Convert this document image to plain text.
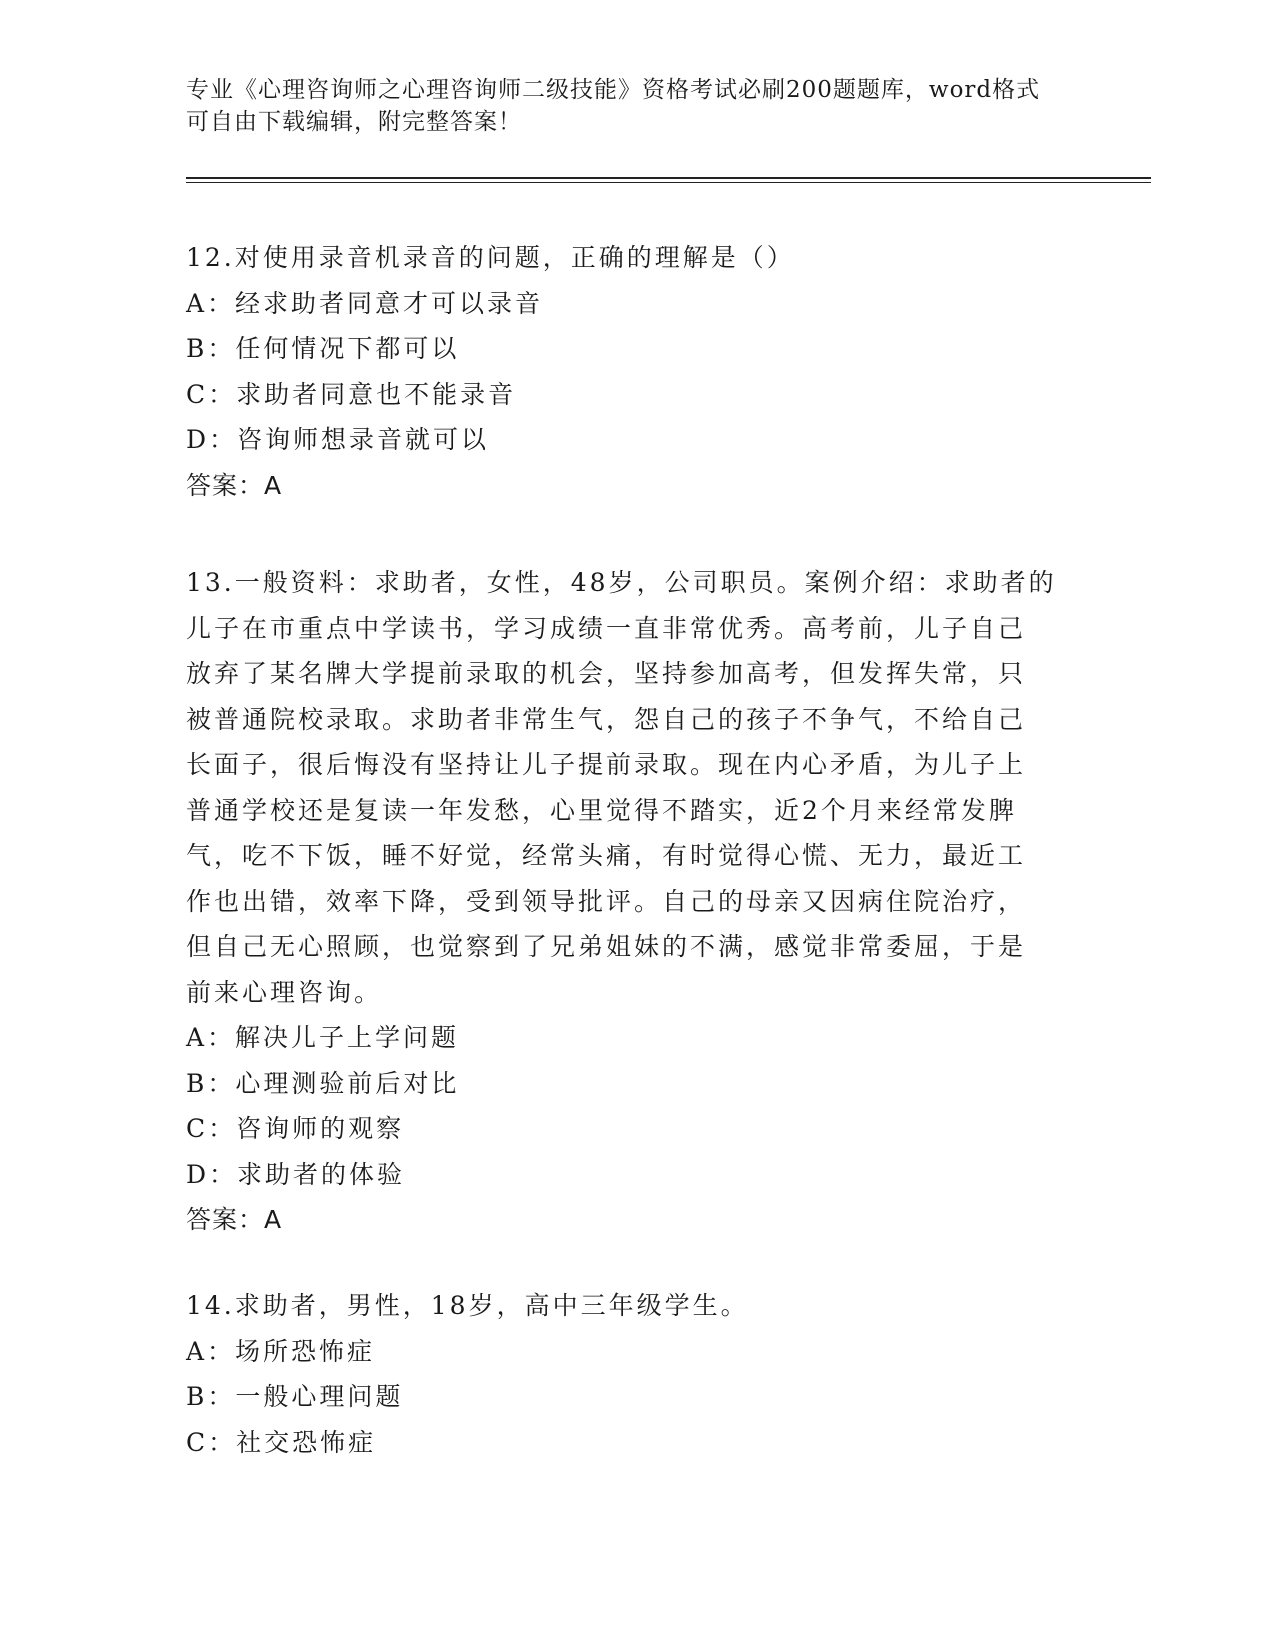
专业《心理咨询师之心理咨询师二级技能》资格考试必刷200题题库，word格式
可自由下载编辑，附完整答案！
12.对使用录音机录音的问题，正确的理解是（）
A：经求助者同意才可以录音
B：任何情况下都可以
C：求助者同意也不能录音
D：咨询师想录音就可以
答案：A
13.一般资料：求助者，女性，48岁，公司职员。案例介绍：求助者的
儿子在市重点中学读书，学习成绩一直非常优秀。高考前，儿子自己
放弃了某名牌大学提前录取的机会，坚持参加高考，但发挥失常，只
被普通院校录取。求助者非常生气，怨自己的孩子不争气，不给自己
长面子，很后悔没有坚持让儿子提前录取。现在内心矛盾，为儿子上
普通学校还是复读一年发愁，心里觉得不踏实，近2个月来经常发脾
气，吃不下饭，睡不好觉，经常头痛，有时觉得心慌、无力，最近工
作也出错，效率下降，受到领导批评。自己的母亲又因病住院治疗，
但自己无心照顾，也觉察到了兄弟姐妹的不满，感觉非常委屈，于是
前来心理咨询。
A：解决儿子上学问题
B：心理测验前后对比
C：咨询师的观察
D：求助者的体验
答案：A
14.求助者，男性，18岁，高中三年级学生。
A：场所恐怖症
B：一般心理问题
C：社交恐怖症
